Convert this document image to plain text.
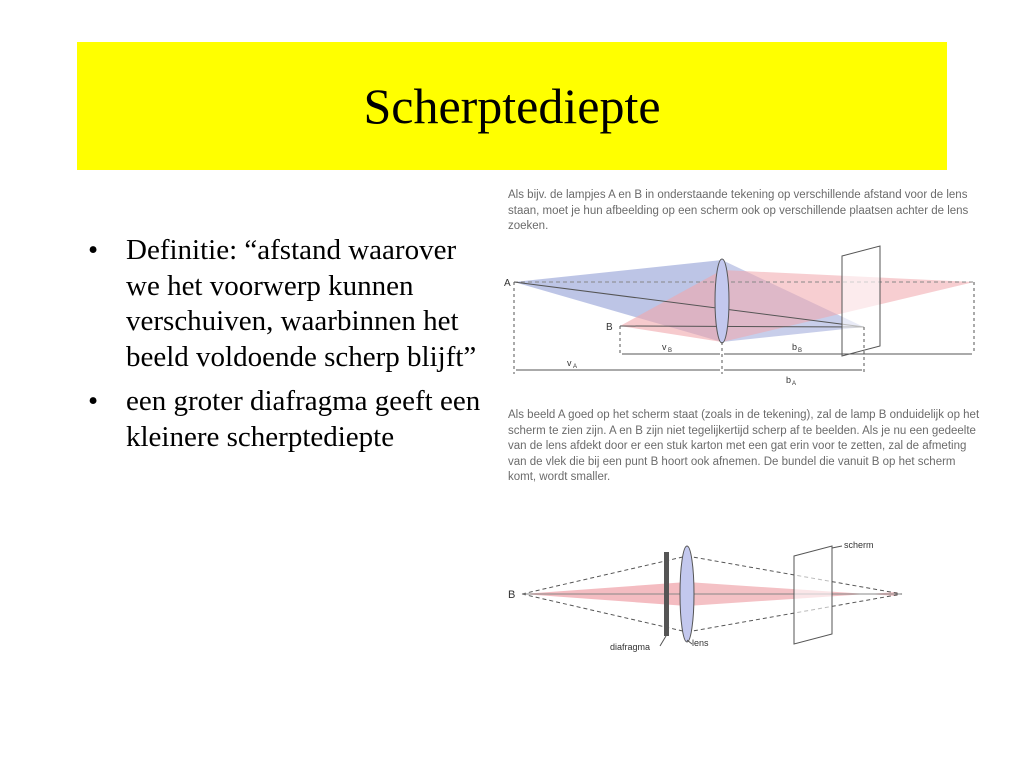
Scherptediepte
• Definitie: “afstand waarover we het voorwerp kunnen verschuiven, waarbinnen het beeld voldoende scherp blijft”
• een groter diafragma geeft een kleinere scherptediepte

Als bijv. de lampjes A en B in onderstaande tekening op verschillende afstand voor de lens staan, moet je hun afbeelding op een scherm ook op verschillende plaatsen achter de lens zoeken.

A
B
v B	b B
v A
b A

Als beeld A goed op het scherm staat (zoals in de tekening), zal de lamp B onduidelijk op het scherm te zien zijn. A en B zijn niet tegelijkertijd scherp af te beelden. Als je nu een gedeelte van de lens afdekt door er een stuk karton met een gat erin voor te zetten, zal de afmeting van de vlek die bij een punt B hoort ook afnemen. De bundel die vanuit B op het scherm komt, wordt smaller.

B
scherm
diafragma	lens
